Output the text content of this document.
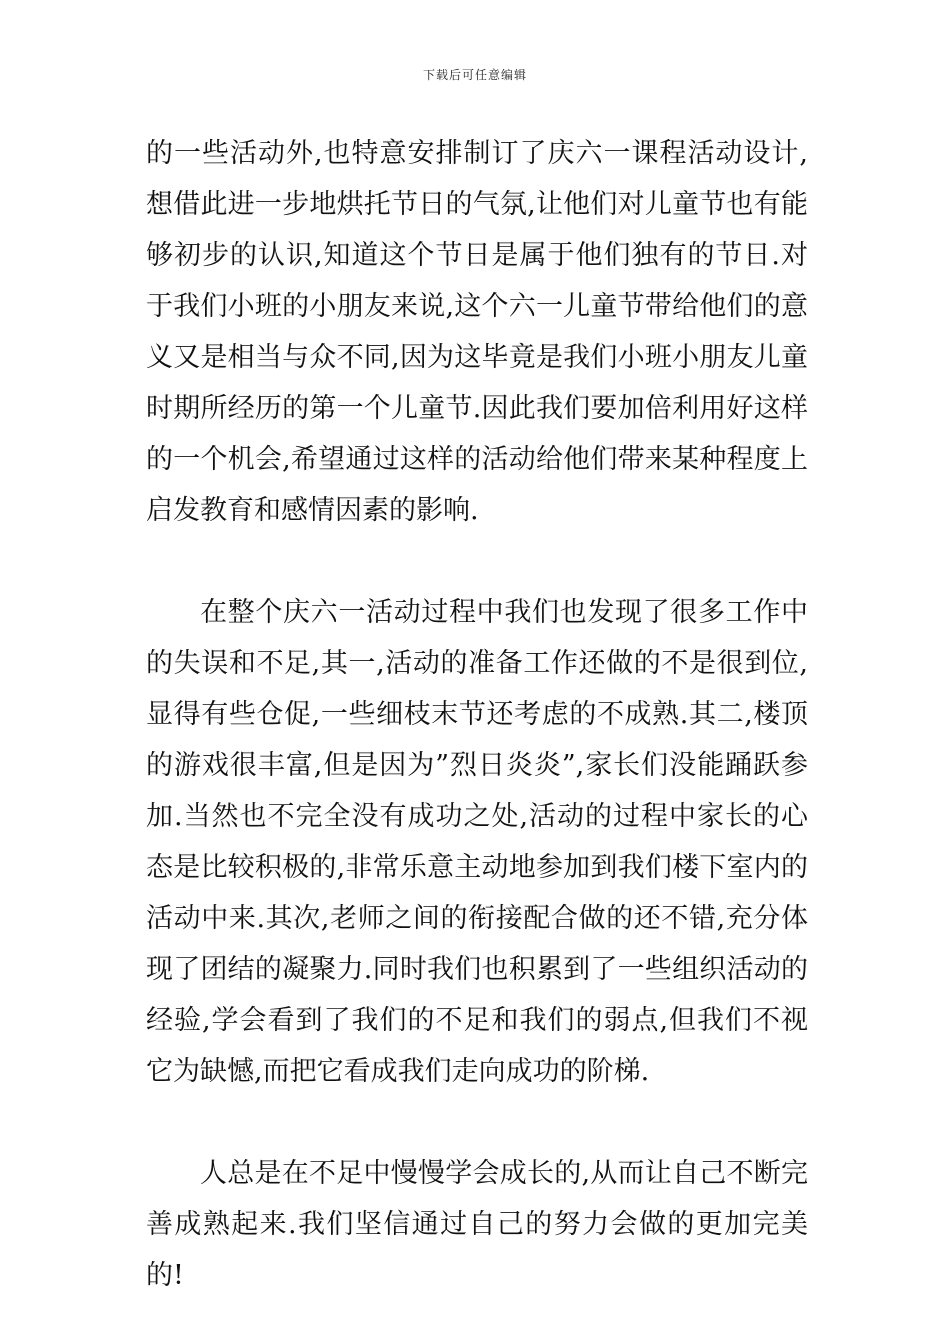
下载后可任意编辑

的一些活动外,也特意安排制订了庆六一课程活动设计,想借此进一步地烘托节日的气氛,让他们对儿童节也有能够初步的认识,知道这个节日是属于他们独有的节日.对于我们小班的小朋友来说,这个六一儿童节带给他们的意义又是相当与众不同,因为这毕竟是我们小班小朋友儿童时期所经历的第一个儿童节.因此我们要加倍利用好这样的一个机会,希望通过这样的活动给他们带来某种程度上启发教育和感情因素的影响.

在整个庆六一活动过程中我们也发现了很多工作中的失误和不足,其一,活动的准备工作还做的不是很到位,显得有些仓促,一些细枝末节还考虑的不成熟.其二,楼顶的游戏很丰富,但是因为”烈日炎炎”,家长们没能踊跃参加.当然也不完全没有成功之处,活动的过程中家长的心态是比较积极的,非常乐意主动地参加到我们楼下室内的活动中来.其次,老师之间的衔接配合做的还不错,充分体现了团结的凝聚力.同时我们也积累到了一些组织活动的经验,学会看到了我们的不足和我们的弱点,但我们不视它为缺憾,而把它看成我们走向成功的阶梯.

人总是在不足中慢慢学会成长的,从而让自己不断完善成熟起来.我们坚信通过自己的努力会做的更加完美的!
